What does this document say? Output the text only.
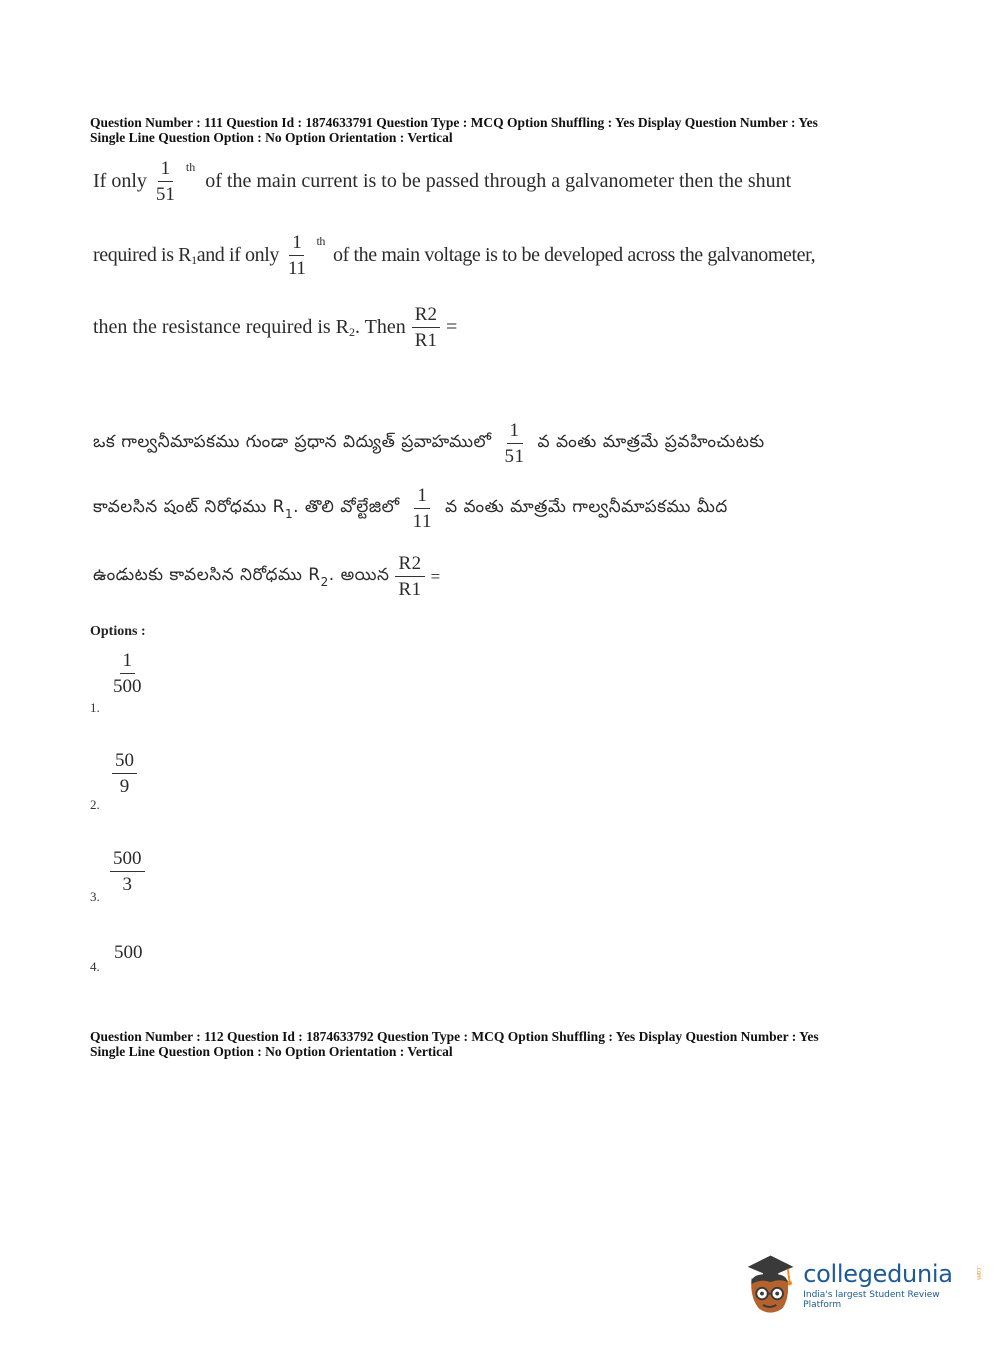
Question Number : 111 Question Id : 1874633791 Question Type : MCQ Option Shuffling : Yes Display Question Number : Yes
Single Line Question Option : No Option Orientation : Vertical
If only $\frac{1}{51}$ th
of the main current is to be passed through a galvanometer then the shunt
required is R 1 and if only $\frac{1}{11}$ th
of the main voltage is to be developed across the galvanometer,
then the resistance required is R 2 . Then $\frac{R2}{R1}$ =
ఒక గాల్వనీమాపకము గుండా ప్రధాన విద్యుత్ ప్రవాహములో $\frac{1}{51}$ వ వంతు మాత్రమే ప్రవహించుటకు
కావలసిన షంట్ నిరోధము R 1 . తొలి వోల్టేజిలో $\frac{1}{11}$ వ వంతు మాత్రమే గాల్వనీమాపకము మీద
ఉండుటకు కావలసిన నిరోధము R 2 . అయిన $\frac{R2}{R1}$ =
Options :
1.
$\frac{1}{500}$
2.
$\frac{50}{9}$
3.
$\frac{500}{3}$
4.
500
Question Number : 112 Question Id : 1874633792 Question Type : MCQ Option Shuffling : Yes Display Question Number : Yes
Single Line Question Option : No Option Orientation : Vertical
collegedunia	.com
India's largest Student Review Platform
